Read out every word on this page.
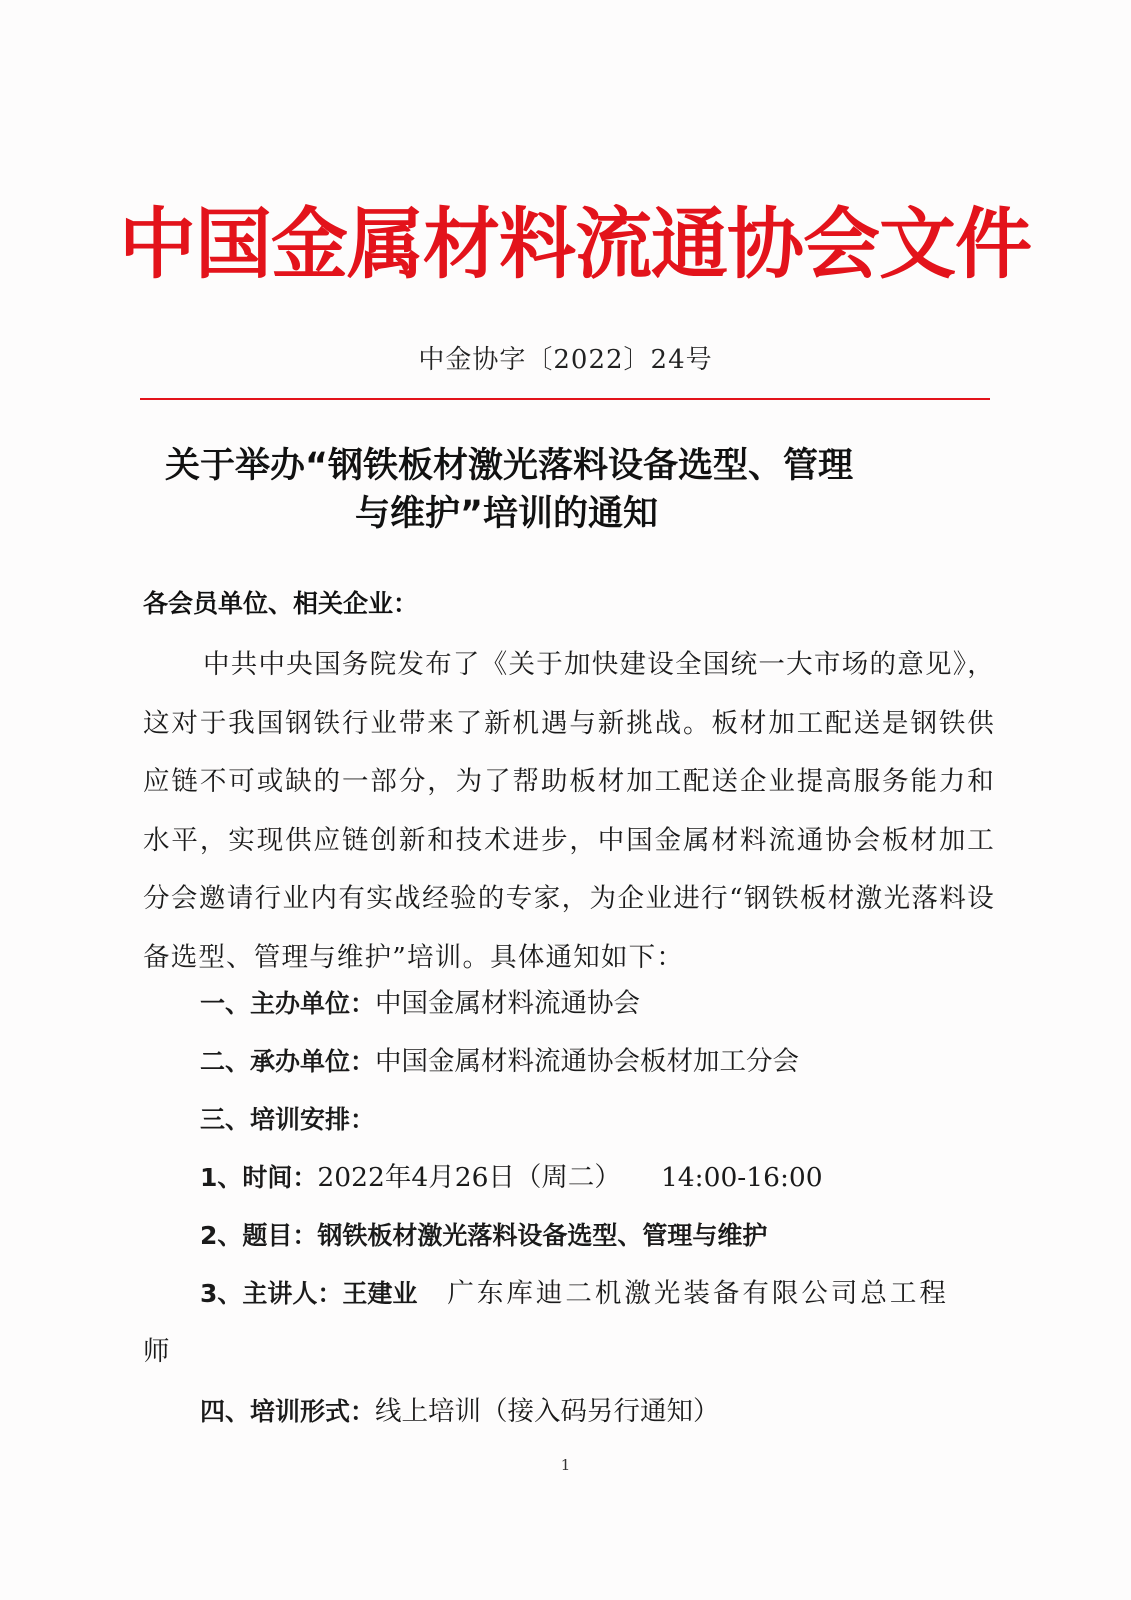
中国金属材料流通协会文件
中金协字〔2022〕24号
关于举办“钢铁板材激光落料设备选型、管理
与维护”培训的通知
各会员单位、相关企业：
中共中央国务院发布了《关于加快建设全国统一大市场的意见》，这对于我国钢铁行业带来了新机遇与新挑战。板材加工配送是钢铁供应链不可或缺的一部分，为了帮助板材加工配送企业提高服务能力和水平，实现供应链创新和技术进步，中国金属材料流通协会板材加工分会邀请行业内有实战经验的专家，为企业进行“钢铁板材激光落料设备选型、管理与维护”培训。具体通知如下：
一、主办单位：中国金属材料流通协会
二、承办单位：中国金属材料流通协会板材加工分会
三、培训安排：
1、时间：2022年4月26日（周二） 14:00-16:00
2、题目：钢铁板材激光落料设备选型、管理与维护
3、主讲人：王建业 广东库迪二机激光装备有限公司总工程
师
四、培训形式：线上培训（接入码另行通知）
1
